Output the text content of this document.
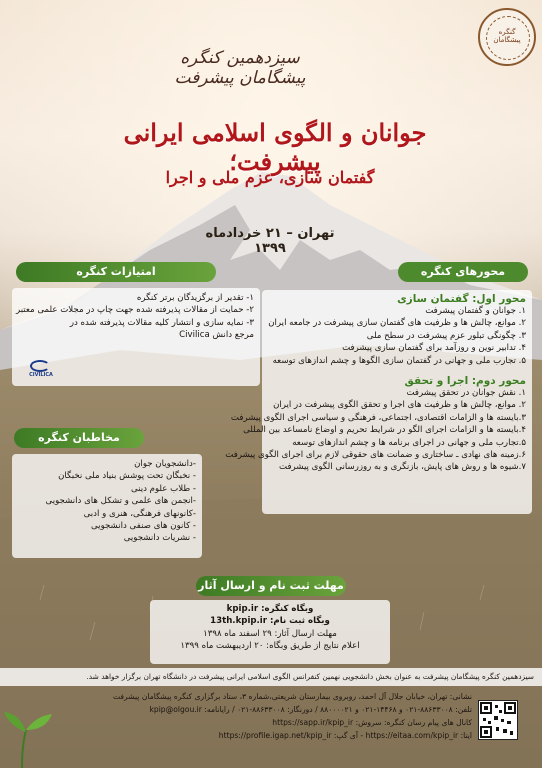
گنگره پیشگامان
سیزدهمین کنگره پیشگامان پیشرفت
جوانان و الگوی اسلامی ایرانی پیشرفت؛
گفتمان سازی، عزم ملی و اجرا
تهران – ۲۱ خردادماه ۱۳۹۹
امتیازات کنگره
۱- تقدیر از برگزیدگان برتر کنگره
۲- حمایت از مقالات پذیرفته شده جهت چاپ در مجلات علمی معتبر
۳- نمایه سازی و انتشار کلیه مقالات پذیرفته شده در
مرجع دانش Civilica
CIVILICA
مخاطبان کنگره
-دانشجویان جوان
- نخبگان تحت پوشش بنیاد ملی نخبگان
- طلاب علوم دینی
-انجمن های علمی و تشکل های دانشجویی
-کانونهای فرهنگی، هنری و ادبی
- کانون های صنفی دانشجویی
- نشریات دانشجویی
محورهای کنگره
محور اول: گفتمان سازی
۱. جوانان و گفتمان پیشرفت
۲. موانع، چالش ها و ظرفیت های گفتمان سازی پیشرفت در جامعه ایران
۳. چگونگی تبلور عزم پیشرفت در سطح ملی
۴. تدابیر نوین و روزآمد برای گفتمان سازی پیشرفت
۵. تجارب ملی و جهانی در گفتمان سازی الگوها و چشم اندازهای توسعه
محور دوم: اجرا و تحقق
۱. نقش جوانان در تحقق پیشرفت
۲. موانع، چالش ها و ظرفیت های اجرا و تحقق الگوی پیشرفت در ایران
۳.بایسته ها و الزامات اقتصادی، اجتماعی، فرهنگی و سیاسی اجرای الگوی پیشرفت
۴.بایسته ها و الزامات اجرای الگو در شرایط تحریم و اوضاع نامساعد بین المللی
۵.تجارب ملی و جهانی در اجرای برنامه ها و چشم اندازهای توسعه
۶.زمینه های نهادی ـ ساختاری و ضمانت های حقوقی لازم برای اجرای الگوی پیشرفت
۷.شیوه ها و روش های پایش، بازنگری و به روزرسانی الگوی پیشرفت
مهلت ثبت نام و ارسال آثار
وبگاه کنگره: kpip.ir
وبگاه ثبت نام: 13th.kpip.ir
مهلت ارسال آثار: ۲۹ اسفند ماه ۱۳۹۸
اعلام نتایج از طریق وبگاه: ۲۰ اردیبهشت ماه ۱۳۹۹
سیزدهمین کنگره پیشگامان پیشرفت به عنوان بخش دانشجویی نهمین کنفرانس الگوی اسلامی ایرانی پیشرفت در دانشگاه تهران برگزار خواهد شد.
نشانی: تهران، خیابان جلال آل احمد، روبروی بیمارستان شریعتی،شماره ۳، ستاد برگزاری کنگره پیشگامان پیشرفت
تلفن: ۸۸۶۳۳۰۰۸-۰۲۱ و ۱۴۴۶۸-۰۲۱ و ۸۸۰۰۰۰۲۱ / دورنگار: ۸۸۶۳۳۰۰۸-۰۲۱ / رایانامه: kpip@olgou.ir
کانال های پیام رسان کنگره: سروش: https://sapp.ir/kpip_ir
ایتا: https://eitaa.com/kpip_ir - آی گپ: https://profile.igap.net/kpip_ir
